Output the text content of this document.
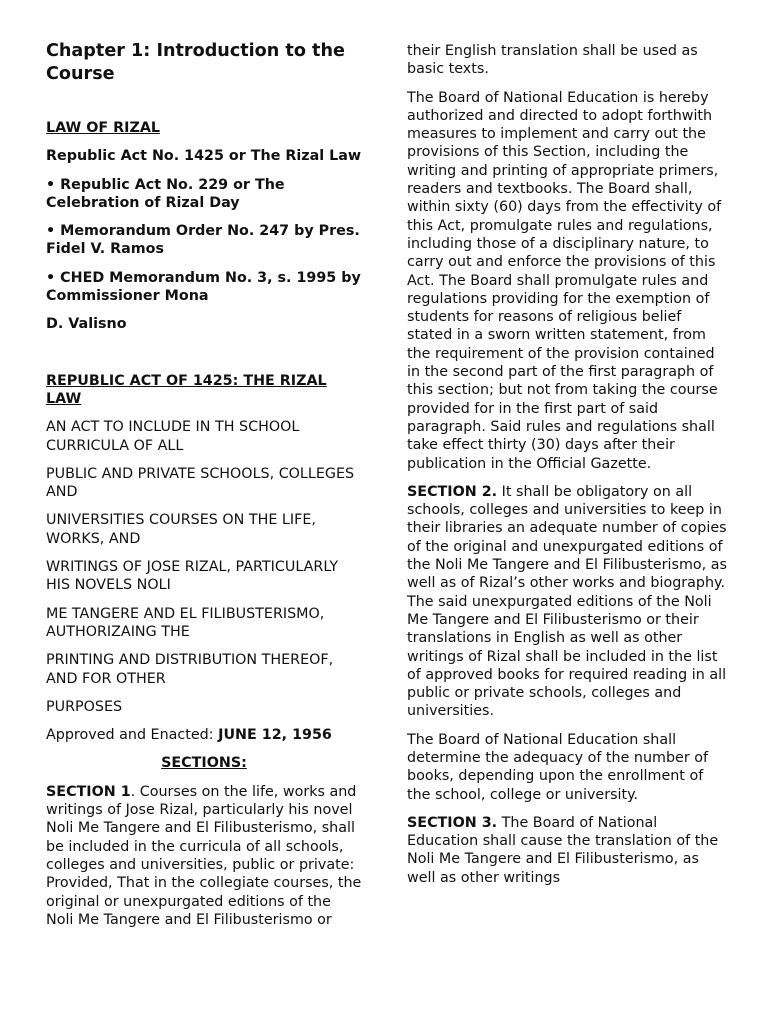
Chapter 1: Introduction to the Course

LAW OF RIZAL

Republic Act No. 1425 or The Rizal Law

• Republic Act No. 229 or The Celebration of Rizal Day

• Memorandum Order No. 247 by Pres. Fidel V. Ramos

• CHED Memorandum No. 3, s. 1995 by Commissioner Mona

D. Valisno

REPUBLIC ACT OF 1425: THE RIZAL LAW

AN ACT TO INCLUDE IN TH SCHOOL CURRICULA OF ALL

PUBLIC AND PRIVATE SCHOOLS, COLLEGES AND

UNIVERSITIES COURSES ON THE LIFE, WORKS, AND

WRITINGS OF JOSE RIZAL, PARTICULARLY HIS NOVELS NOLI

ME TANGERE AND EL FILIBUSTERISMO, AUTHORIZAING THE

PRINTING AND DISTRIBUTION THEREOF, AND FOR OTHER

PURPOSES

Approved and Enacted: JUNE 12, 1956

SECTIONS:

SECTION 1. Courses on the life, works and writings of Jose Rizal, particularly his novel Noli Me Tangere and El Filibusterismo, shall be included in the curricula of all schools, colleges and universities, public or private: Provided, That in the collegiate courses, the original or unexpurgated editions of the Noli Me Tangere and El Filibusterismo or

their English translation shall be used as basic texts.

The Board of National Education is hereby authorized and directed to adopt forthwith measures to implement and carry out the provisions of this Section, including the writing and printing of appropriate primers, readers and textbooks. The Board shall, within sixty (60) days from the effectivity of this Act, promulgate rules and regulations, including those of a disciplinary nature, to carry out and enforce the provisions of this Act. The Board shall promulgate rules and regulations providing for the exemption of students for reasons of religious belief stated in a sworn written statement, from the requirement of the provision contained in the second part of the first paragraph of this section; but not from taking the course provided for in the first part of said paragraph. Said rules and regulations shall take effect thirty (30) days after their publication in the Official Gazette.

SECTION 2. It shall be obligatory on all schools, colleges and universities to keep in their libraries an adequate number of copies of the original and unexpurgated editions of the Noli Me Tangere and El Filibusterismo, as well as of Rizal’s other works and biography. The said unexpurgated editions of the Noli Me Tangere and El Filibusterismo or their translations in English as well as other writings of Rizal shall be included in the list of approved books for required reading in all public or private schools, colleges and universities.

The Board of National Education shall determine the adequacy of the number of books, depending upon the enrollment of the school, college or university.

SECTION 3. The Board of National Education shall cause the translation of the Noli Me Tangere and El Filibusterismo, as well as other writings
